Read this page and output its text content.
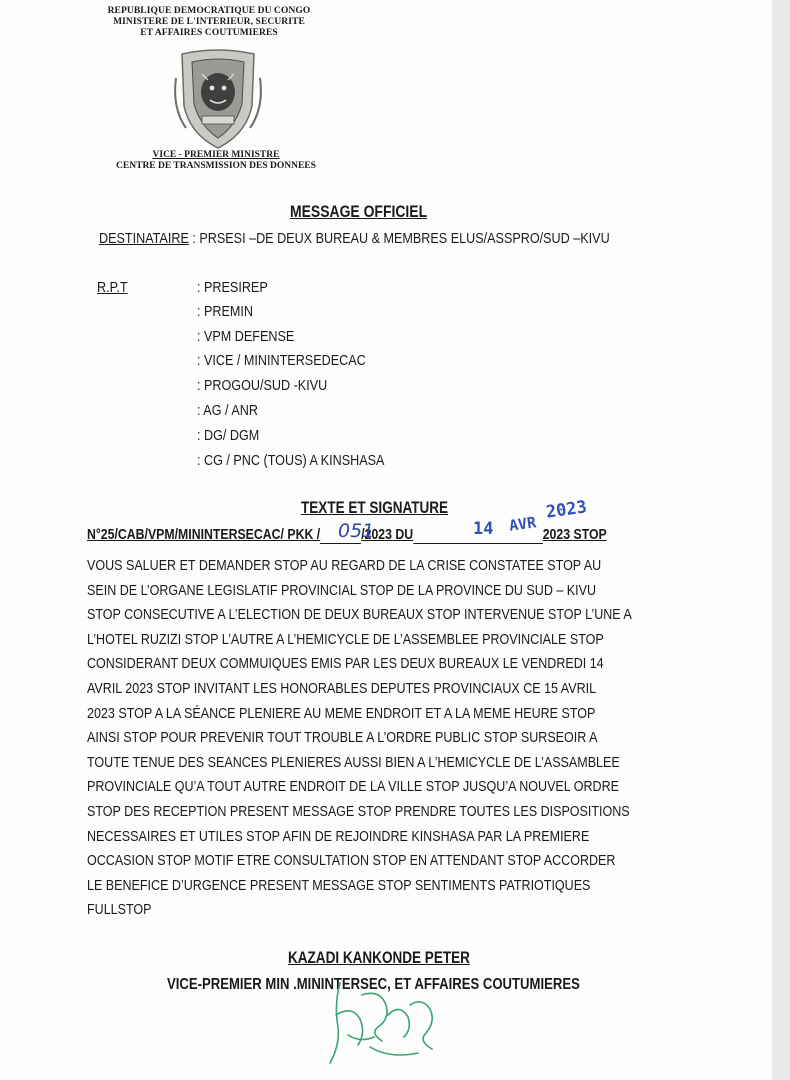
REPUBLIQUE DEMOCRATIQUE DU CONGO
MINISTERE DE L'INTERIEUR, SECURITE
ET AFFAIRES COUTUMIERES
VICE - PREMIER MINISTRE
CENTRE DE TRANSMISSION DES DONNEES
MESSAGE OFFICIEL
DESTINATAIRE : PRSESI –DE DEUX BUREAU & MEMBRES ELUS/ASSPRO/SUD –KIVU
R.P.T	: PRESIREP
: PREMIN
: VPM DEFENSE
: VICE / MININTERSEDECAC
: PROGOU/SUD -KIVU
: AG / ANR
: DG/ DGM
: CG / PNC (TOUS) A KINSHASA
TEXTE ET SIGNATURE
N°25/CAB/VPM/MININTERSECAC/ PKK /	/2023 DU	2023 STOP
051	14 AVR
2023
VOUS SALUER ET DEMANDER STOP AU REGARD DE LA CRISE CONSTATEE STOP AU
SEIN DE L’ORGANE LEGISLATIF PROVINCIAL STOP DE LA PROVINCE DU SUD – KIVU
STOP CONSECUTIVE A L’ELECTION DE DEUX BUREAUX STOP INTERVENUE STOP L’UNE A
L’HOTEL RUZIZI STOP L’AUTRE A L’HEMICYCLE DE L’ASSEMBLEE PROVINCIALE STOP
CONSIDERANT DEUX COMMUIQUES EMIS PAR LES DEUX BUREAUX LE VENDREDI 14
AVRIL 2023 STOP INVITANT LES HONORABLES DEPUTES PROVINCIAUX CE 15 AVRIL
2023 STOP A LA SÉANCE PLENIERE AU MEME ENDROIT ET A LA MEME HEURE STOP
AINSI STOP POUR PREVENIR TOUT TROUBLE A L’ORDRE PUBLIC STOP SURSEOIR A
TOUTE TENUE DES SEANCES PLENIERES AUSSI BIEN A L’HEMICYCLE DE L’ASSAMBLEE
PROVINCIALE QU’A TOUT AUTRE ENDROIT DE LA VILLE STOP JUSQU’A NOUVEL ORDRE
STOP DES RECEPTION PRESENT MESSAGE STOP PRENDRE TOUTES LES DISPOSITIONS
NECESSAIRES ET UTILES STOP AFIN DE REJOINDRE KINSHASA PAR LA PREMIERE
OCCASION STOP MOTIF ETRE CONSULTATION STOP EN ATTENDANT STOP ACCORDER
LE BENEFICE D’URGENCE PRESENT MESSAGE STOP SENTIMENTS PATRIOTIQUES
FULLSTOP
KAZADI KANKONDE PETER
VICE-PREMIER MIN .MININTERSEC, ET AFFAIRES COUTUMIERES
